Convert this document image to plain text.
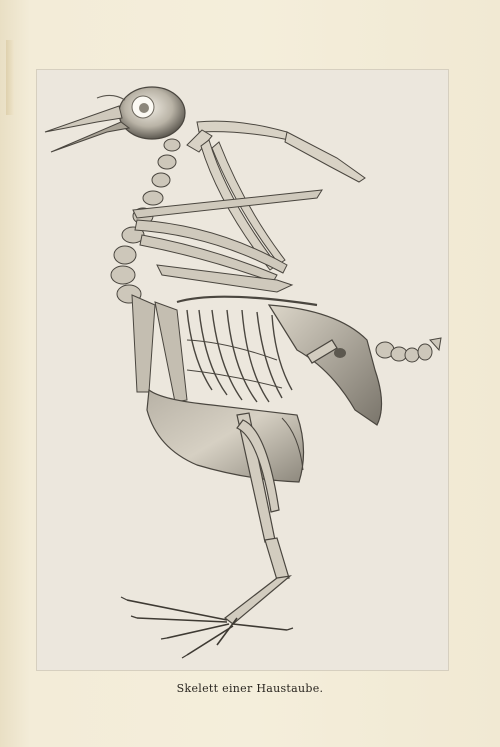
Skelett einer Haustaube.
